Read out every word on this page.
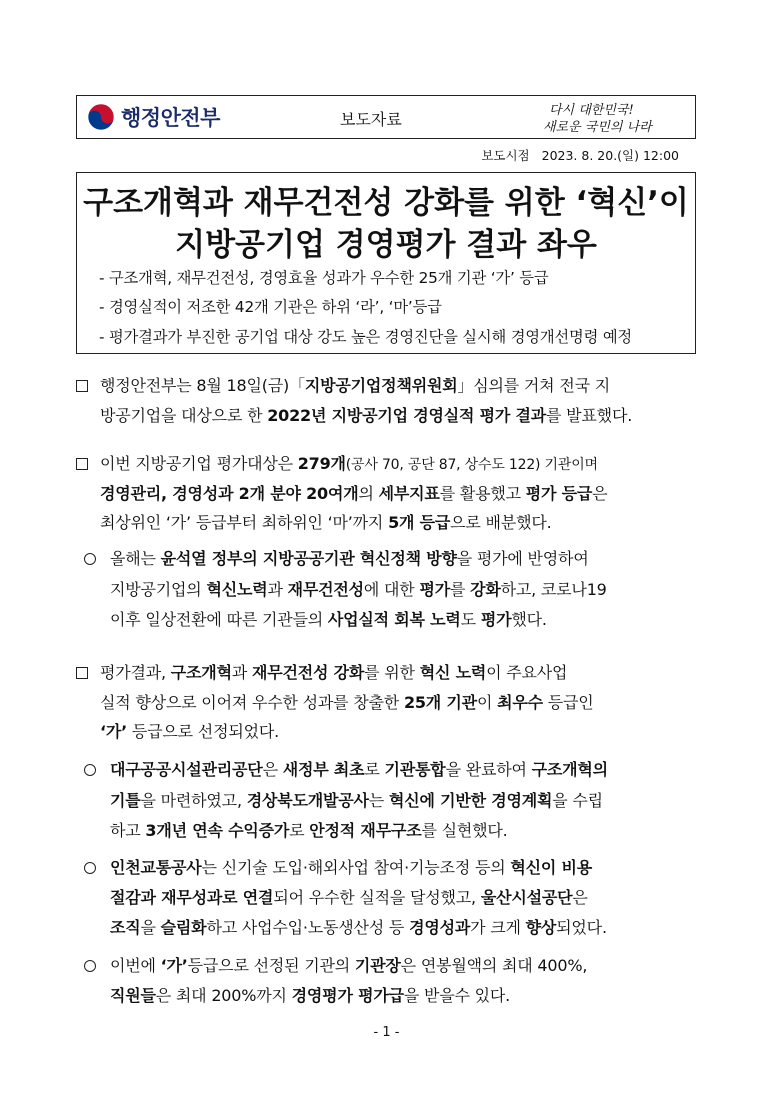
행정안전부	보도자료	다시 대한민국!
새로운 국민의 나라
보도시점 2023. 8. 20.(일) 12:00
구조개혁과 재무건전성 강화를 위한 ‘혁신’이
지방공기업 경영평가 결과 좌우
- 구조개혁, 재무건전성, 경영효율 성과가 우수한 25개 기관 ‘가’ 등급
- 경영실적이 저조한 42개 기관은 하위 ‘라’, ‘마’등급
- 평가결과가 부진한 공기업 대상 강도 높은 경영진단을 실시해 경영개선명령 예정
행정안전부는 8월 18일(금)「지방공기업정책위원회」심의를 거쳐 전국 지
방공기업을 대상으로 한 2022년 지방공기업 경영실적 평가 결과를 발표했다.
이번 지방공기업 평가대상은 279개(공사 70, 공단 87, 상수도 122) 기관이며
경영관리, 경영성과 2개 분야 20여개의 세부지표를 활용했고 평가 등급은
최상위인 ‘가’ 등급부터 최하위인 ‘마’까지 5개 등급으로 배분했다.
올해는 윤석열 정부의 지방공공기관 혁신정책 방향을 평가에 반영하여
지방공기업의 혁신노력과 재무건전성에 대한 평가를 강화하고, 코로나19
이후 일상전환에 따른 기관들의 사업실적 회복 노력도 평가했다.
평가결과, 구조개혁과 재무건전성 강화를 위한 혁신 노력이 주요사업
실적 향상으로 이어져 우수한 성과를 창출한 25개 기관이 최우수 등급인
‘가’ 등급으로 선정되었다.
대구공공시설관리공단은 새정부 최초로 기관통합을 완료하여 구조개혁의
기틀을 마련하였고, 경상북도개발공사는 혁신에 기반한 경영계획을 수립
하고 3개년 연속 수익증가로 안정적 재무구조를 실현했다.
인천교통공사는 신기술 도입·해외사업 참여·기능조정 등의 혁신이 비용
절감과 재무성과로 연결되어 우수한 실적을 달성했고, 울산시설공단은
조직을 슬림화하고 사업수입·노동생산성 등 경영성과가 크게 향상되었다.
이번에 ‘가’등급으로 선정된 기관의 기관장은 연봉월액의 최대 400%,
직원들은 최대 200%까지 경영평가 평가급을 받을수 있다.
- 1 -
